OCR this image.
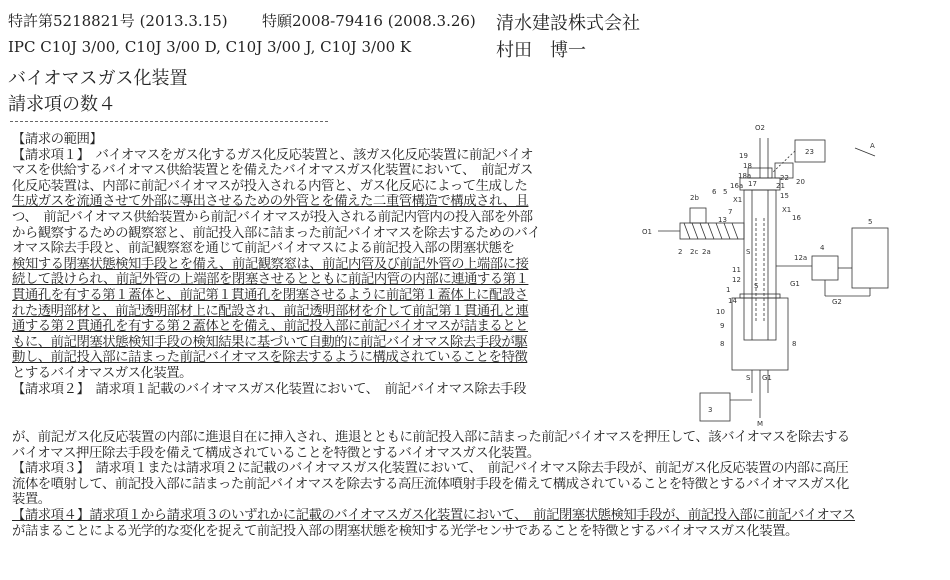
特許第5218821号 (2013.3.15) 特願2008-79416 (2008.3.26)
IPC C10J 3/00, C10J 3/00 D, C10J 3/00 J, C10J 3/00 K
清水建設株式会社
村田　博一
バイオマスガス化装置
請求項の数４
【請求の範囲】
【請求項１】　バイオマスをガス化するガス化反応装置と、該ガス化反応装置に前記バイオ
マスを供給するバイオマス供給装置とを備えたバイオマスガス化装置において、　前記ガス
化反応装置は、内部に前記バイオマスが投入される内管と、ガス化反応によって生成した
生成ガスを流通させて外部に導出させるための外管とを備えた二重管構造で構成され、且
つ、　前記バイオマス供給装置から前記バイオマスが投入される前記内管内の投入部を外部
から観察するための観察窓と、前記投入部に詰まった前記バイオマスを除去するためのバイ
オマス除去手段と、前記観察窓を通じて前記バイオマスによる前記投入部の閉塞状態を
検知する閉塞状態検知手段とを備え、前記観察窓は、前記内管及び前記外管の上端部に接
続して設けられ、前記外管の上端部を閉塞させるとともに前記内管の内部に連通する第１
貫通孔を有する第１蓋体と、前記第１貫通孔を閉塞させるように前記第１蓋体上に配設さ
れた透明部材と、前記透明部材上に配設され、前記透明部材を介して前記第１貫通孔と連
通する第２貫通孔を有する第２蓋体とを備え、前記投入部に前記バイオマスが詰まるとと
もに、前記閉塞状態検知手段の検知結果に基づいて自動的に前記バイオマス除去手段が駆
動し、前記投入部に詰まった前記バイオマスを除去するように構成されていることを特徴
とするバイオマスガス化装置。
【請求項２】　請求項１記載のバイオマスガス化装置において、　前記バイオマス除去手段
が、前記ガス化反応装置の内部に進退自在に挿入され、進退とともに前記投入部に詰まった前記バイオマスを押圧して、該バイオマスを除去する
バイオマス押圧除去手段を備えて構成されていることを特徴とするバイオマスガス化装置。
【請求項３】　請求項１または請求項２に記載のバイオマスガス化装置において、　前記バイオマス除去手段が、前記ガス化反応装置の内部に高圧
流体を噴射して、前記投入部に詰まった前記バイオマスを除去する高圧流体噴射手段を備えて構成されていることを特徴とするバイオマスガス化
装置。
【請求項４】請求項１から請求項３のいずれかに記載のバイオマスガス化装置において、　前記閉塞状態検知手段が、前記投入部に前記バイオマス
が詰まることによる光学的な変化を捉えて前記投入部の閉塞状態を検知する光学センサであることを特徴とするバイオマスガス化装置。
O2
A
23
19
18
18a
17
16a
22
21 20
6 5
2b	15
X1
X1
16
7
13
O1
2 2c 2a	S	4
12a
5
11
12
1
14
S	G1
G2
10
9
8	8
G1
S
3
M
